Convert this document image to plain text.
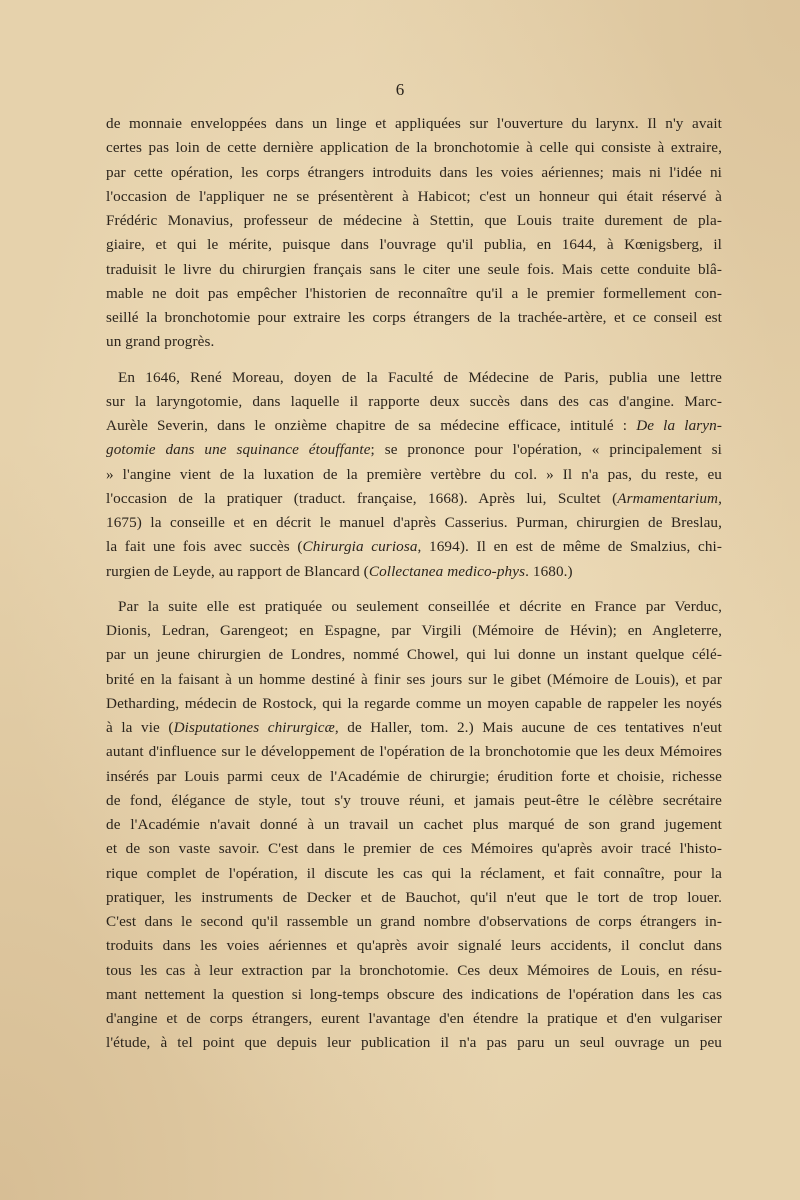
6
de monnaie enveloppées dans un linge et appliquées sur l'ouverture du larynx. Il n'y avait
certes pas loin de cette dernière application de la bronchotomie à celle qui consiste à extraire,
par cette opération, les corps étrangers introduits dans les voies aériennes; mais ni l'idée ni
l'occasion de l'appliquer ne se présentèrent à Habicot; c'est un honneur qui était réservé à
Frédéric Monavius, professeur de médecine à Stettin, que Louis traite durement de pla-
giaire, et qui le mérite, puisque dans l'ouvrage qu'il publia, en 1644, à Kœnigsberg, il
traduisit le livre du chirurgien français sans le citer une seule fois. Mais cette conduite blâ-
mable ne doit pas empêcher l'historien de reconnaître qu'il a le premier formellement con-
seillé la bronchotomie pour extraire les corps étrangers de la trachée-artère, et ce conseil est
un grand progrès.
En 1646, René Moreau, doyen de la Faculté de Médecine de Paris, publia une lettre
sur la laryngotomie, dans laquelle il rapporte deux succès dans des cas d'angine. Marc-
Aurèle Severin, dans le onzième chapitre de sa médecine efficace, intitulé : De la laryn-
gotomie dans une squinance étouffante; se prononce pour l'opération, « principalement si
» l'angine vient de la luxation de la première vertèbre du col. » Il n'a pas, du reste, eu
l'occasion de la pratiquer (traduct. française, 1668). Après lui, Scultet (Armamentarium,
1675) la conseille et en décrit le manuel d'après Casserius. Purman, chirurgien de Breslau,
la fait une fois avec succès (Chirurgia curiosa, 1694). Il en est de même de Smalzius, chi-
rurgien de Leyde, au rapport de Blancard (Collectanea medico-phys. 1680.)
Par la suite elle est pratiquée ou seulement conseillée et décrite en France par Verduc,
Dionis, Ledran, Garengeot; en Espagne, par Virgili (Mémoire de Hévin); en Angleterre,
par un jeune chirurgien de Londres, nommé Chowel, qui lui donne un instant quelque célé-
brité en la faisant à un homme destiné à finir ses jours sur le gibet (Mémoire de Louis), et par
Detharding, médecin de Rostock, qui la regarde comme un moyen capable de rappeler les noyés
à la vie (Disputationes chirurgicæ, de Haller, tom. 2.) Mais aucune de ces tentatives n'eut
autant d'influence sur le développement de l'opération de la bronchotomie que les deux Mémoires
insérés par Louis parmi ceux de l'Académie de chirurgie; érudition forte et choisie, richesse
de fond, élégance de style, tout s'y trouve réuni, et jamais peut-être le célèbre secrétaire
de l'Académie n'avait donné à un travail un cachet plus marqué de son grand jugement
et de son vaste savoir. C'est dans le premier de ces Mémoires qu'après avoir tracé l'histo-
rique complet de l'opération, il discute les cas qui la réclament, et fait connaître, pour la
pratiquer, les instruments de Decker et de Bauchot, qu'il n'eut que le tort de trop louer.
C'est dans le second qu'il rassemble un grand nombre d'observations de corps étrangers in-
troduits dans les voies aériennes et qu'après avoir signalé leurs accidents, il conclut dans
tous les cas à leur extraction par la bronchotomie. Ces deux Mémoires de Louis, en résu-
mant nettement la question si long-temps obscure des indications de l'opération dans les cas
d'angine et de corps étrangers, eurent l'avantage d'en étendre la pratique et d'en vulgariser
l'étude, à tel point que depuis leur publication il n'a pas paru un seul ouvrage un peu
